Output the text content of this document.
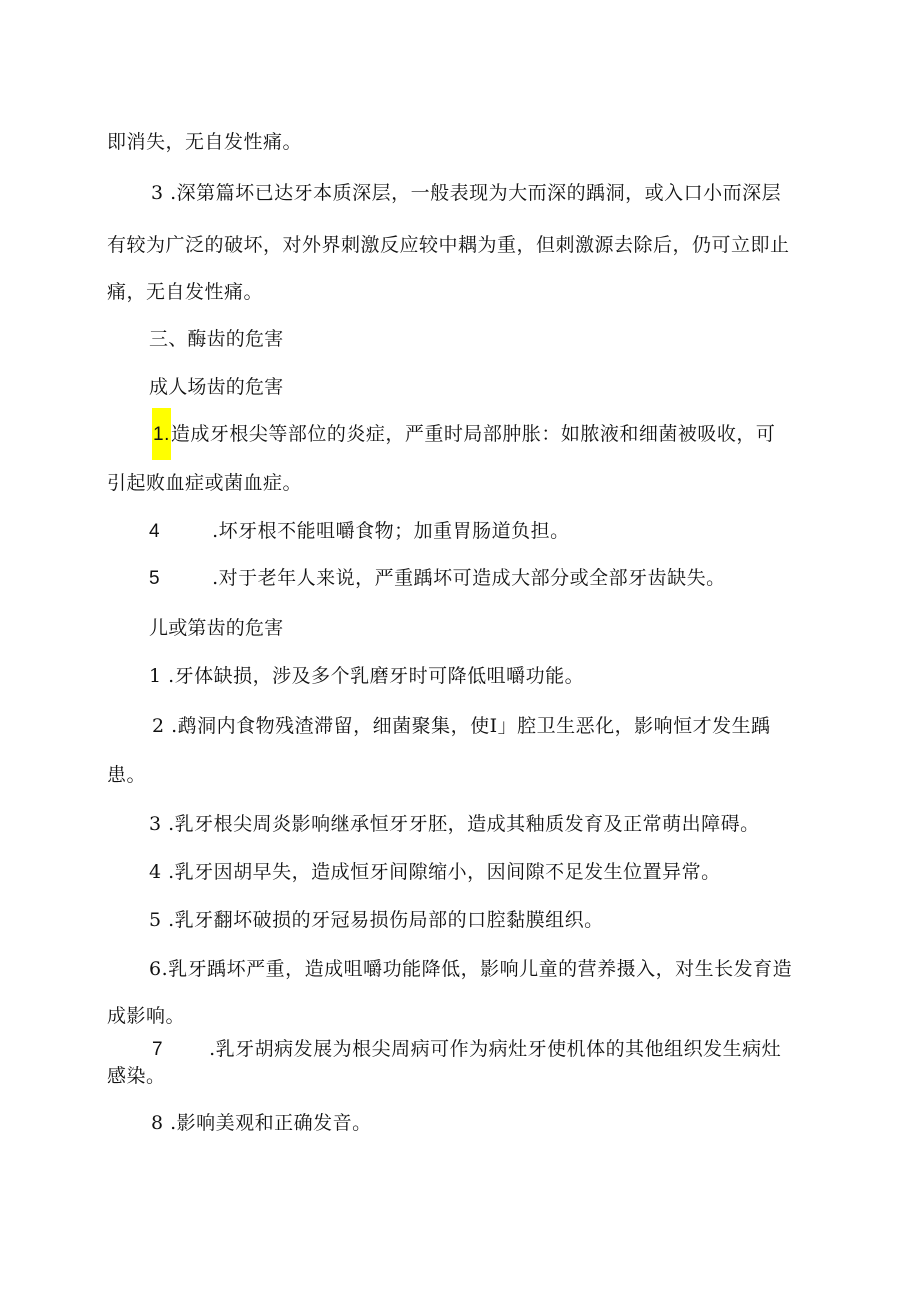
即消失，无自发性痛。
3 .深第篇坏已达牙本质深层，一般表现为大而深的踽洞，或入口小而深层
有较为广泛的破坏，对外界刺激反应较中耦为重，但刺激源去除后，仍可立即止
痛，无自发性痛。
三、酶齿的危害
成人场齿的危害
1.造成牙根尖等部位的炎症，严重时局部肿胀：如脓液和细菌被吸收，可
引起败血症或菌血症。
4	.坏牙根不能咀嚼食物；加重胃肠道负担。
5	.对于老年人来说，严重踽坏可造成大部分或全部牙齿缺失。
儿或第齿的危害
1 .牙体缺损，涉及多个乳磨牙时可降低咀嚼功能。
2 .鹉洞内食物残渣滞留，细菌聚集，使I」腔卫生恶化，影响恒才发生踽
患。
3 .乳牙根尖周炎影响继承恒牙牙胚，造成其釉质发育及正常萌出障碍。
4 .乳牙因胡早失，造成恒牙间隙缩小，因间隙不足发生位置异常。
5 .乳牙翻坏破损的牙冠易损伤局部的口腔黏膜组织。
6.乳牙踽坏严重，造成咀嚼功能降低，影响儿童的营养摄入，对生长发育造
成影响。
7 .乳牙胡病发展为根尖周病可作为病灶牙使机体的其他组织发生病灶
感染。
8 .影响美观和正确发音。
